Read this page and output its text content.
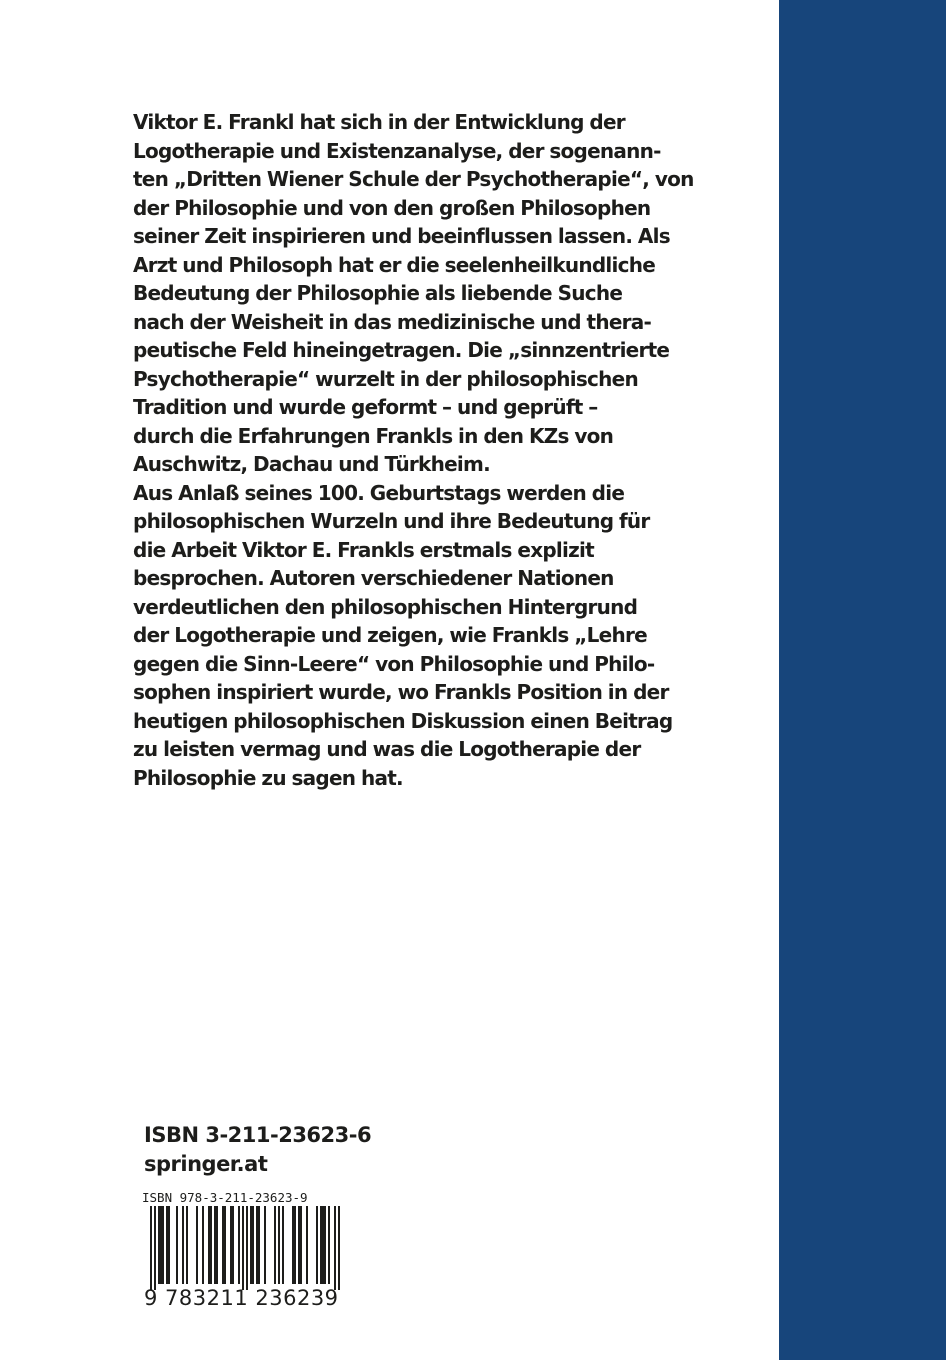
Viktor E. Frankl hat sich in der Entwicklung der
Logotherapie und Existenzanalyse, der sogenann-
ten „Dritten Wiener Schule der Psychotherapie“, von
der Philosophie und von den großen Philosophen
seiner Zeit inspirieren und beeinflussen lassen. Als
Arzt und Philosoph hat er die seelenheilkundliche
Bedeutung der Philosophie als liebende Suche
nach der Weisheit in das medizinische und thera-
peutische Feld hineingetragen. Die „sinnzentrierte
Psychotherapie“ wurzelt in der philosophischen
Tradition und wurde geformt – und geprüft –
durch die Erfahrungen Frankls in den KZs von
Auschwitz, Dachau und Türkheim.
Aus Anlaß seines 100. Geburtstags werden die
philosophischen Wurzeln und ihre Bedeutung für
die Arbeit Viktor E. Frankls erstmals explizit
besprochen. Autoren verschiedener Nationen
verdeutlichen den philosophischen Hintergrund
der Logotherapie und zeigen, wie Frankls „Lehre
gegen die Sinn-Leere“ von Philosophie und Philo-
sophen inspiriert wurde, wo Frankls Position in der
heutigen philosophischen Diskussion einen Beitrag
zu leisten vermag und was die Logotherapie der
Philosophie zu sagen hat.
ISBN 3-211-23623-6
springer.at
ISBN 978-3-211-23623-9
9 783211 236239
